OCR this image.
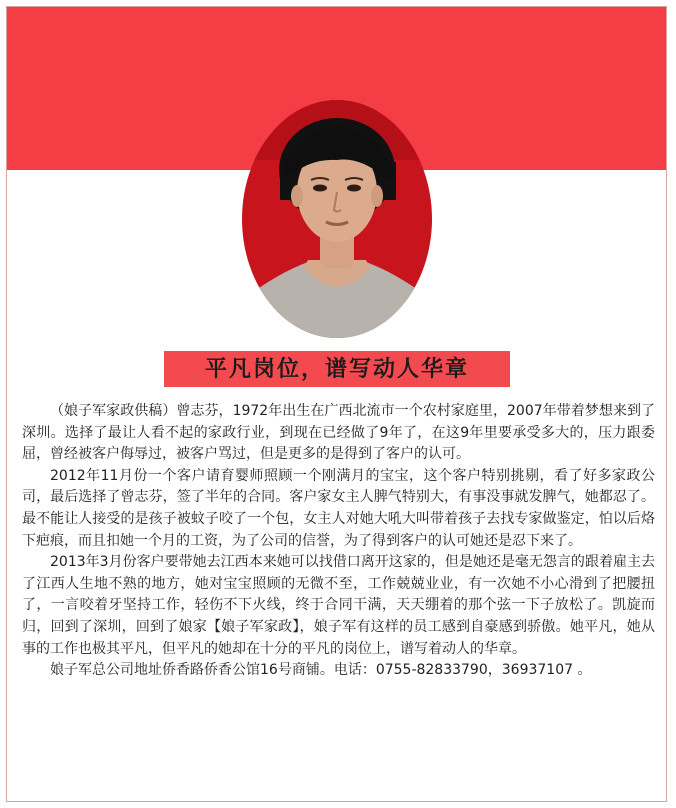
平凡岗位，谱写动人华章

（娘子军家政供稿）曾志芬，1972年出生在广西北流市一个农村家庭里，2007年带着梦想来到了深圳。选择了最让人看不起的家政行业，到现在已经做了9年了，在这9年里要承受多大的，压力跟委屈，曾经被客户侮辱过，被客户骂过，但是更多的是得到了客户的认可。

2012年11月份一个客户请育婴师照顾一个刚满月的宝宝，这个客户特别挑剔，看了好多家政公司，最后选择了曾志芬，签了半年的合同。客户家女主人脾气特别大，有事没事就发脾气，她都忍了。最不能让人接受的是孩子被蚊子咬了一个包，女主人对她大吼大叫带着孩子去找专家做鉴定，怕以后烙下疤痕，而且扣她一个月的工资，为了公司的信誉，为了得到客户的认可她还是忍下来了。

2013年3月份客户要带她去江西本来她可以找借口离开这家的，但是她还是毫无怨言的跟着雇主去了江西人生地不熟的地方，她对宝宝照顾的无微不至，工作兢兢业业，有一次她不小心滑到了把腰扭了，一言咬着牙坚持工作，轻伤不下火线，终于合同干满，天天绷着的那个弦一下子放松了。凯旋而归，回到了深圳，回到了娘家【娘子军家政】，娘子军有这样的员工感到自豪感到骄傲。她平凡，她从事的工作也极其平凡，但平凡的她却在十分的平凡的岗位上，谱写着动人的华章。

娘子军总公司地址侨香路侨香公馆16号商铺。电话：0755-82833790，36937107 。
